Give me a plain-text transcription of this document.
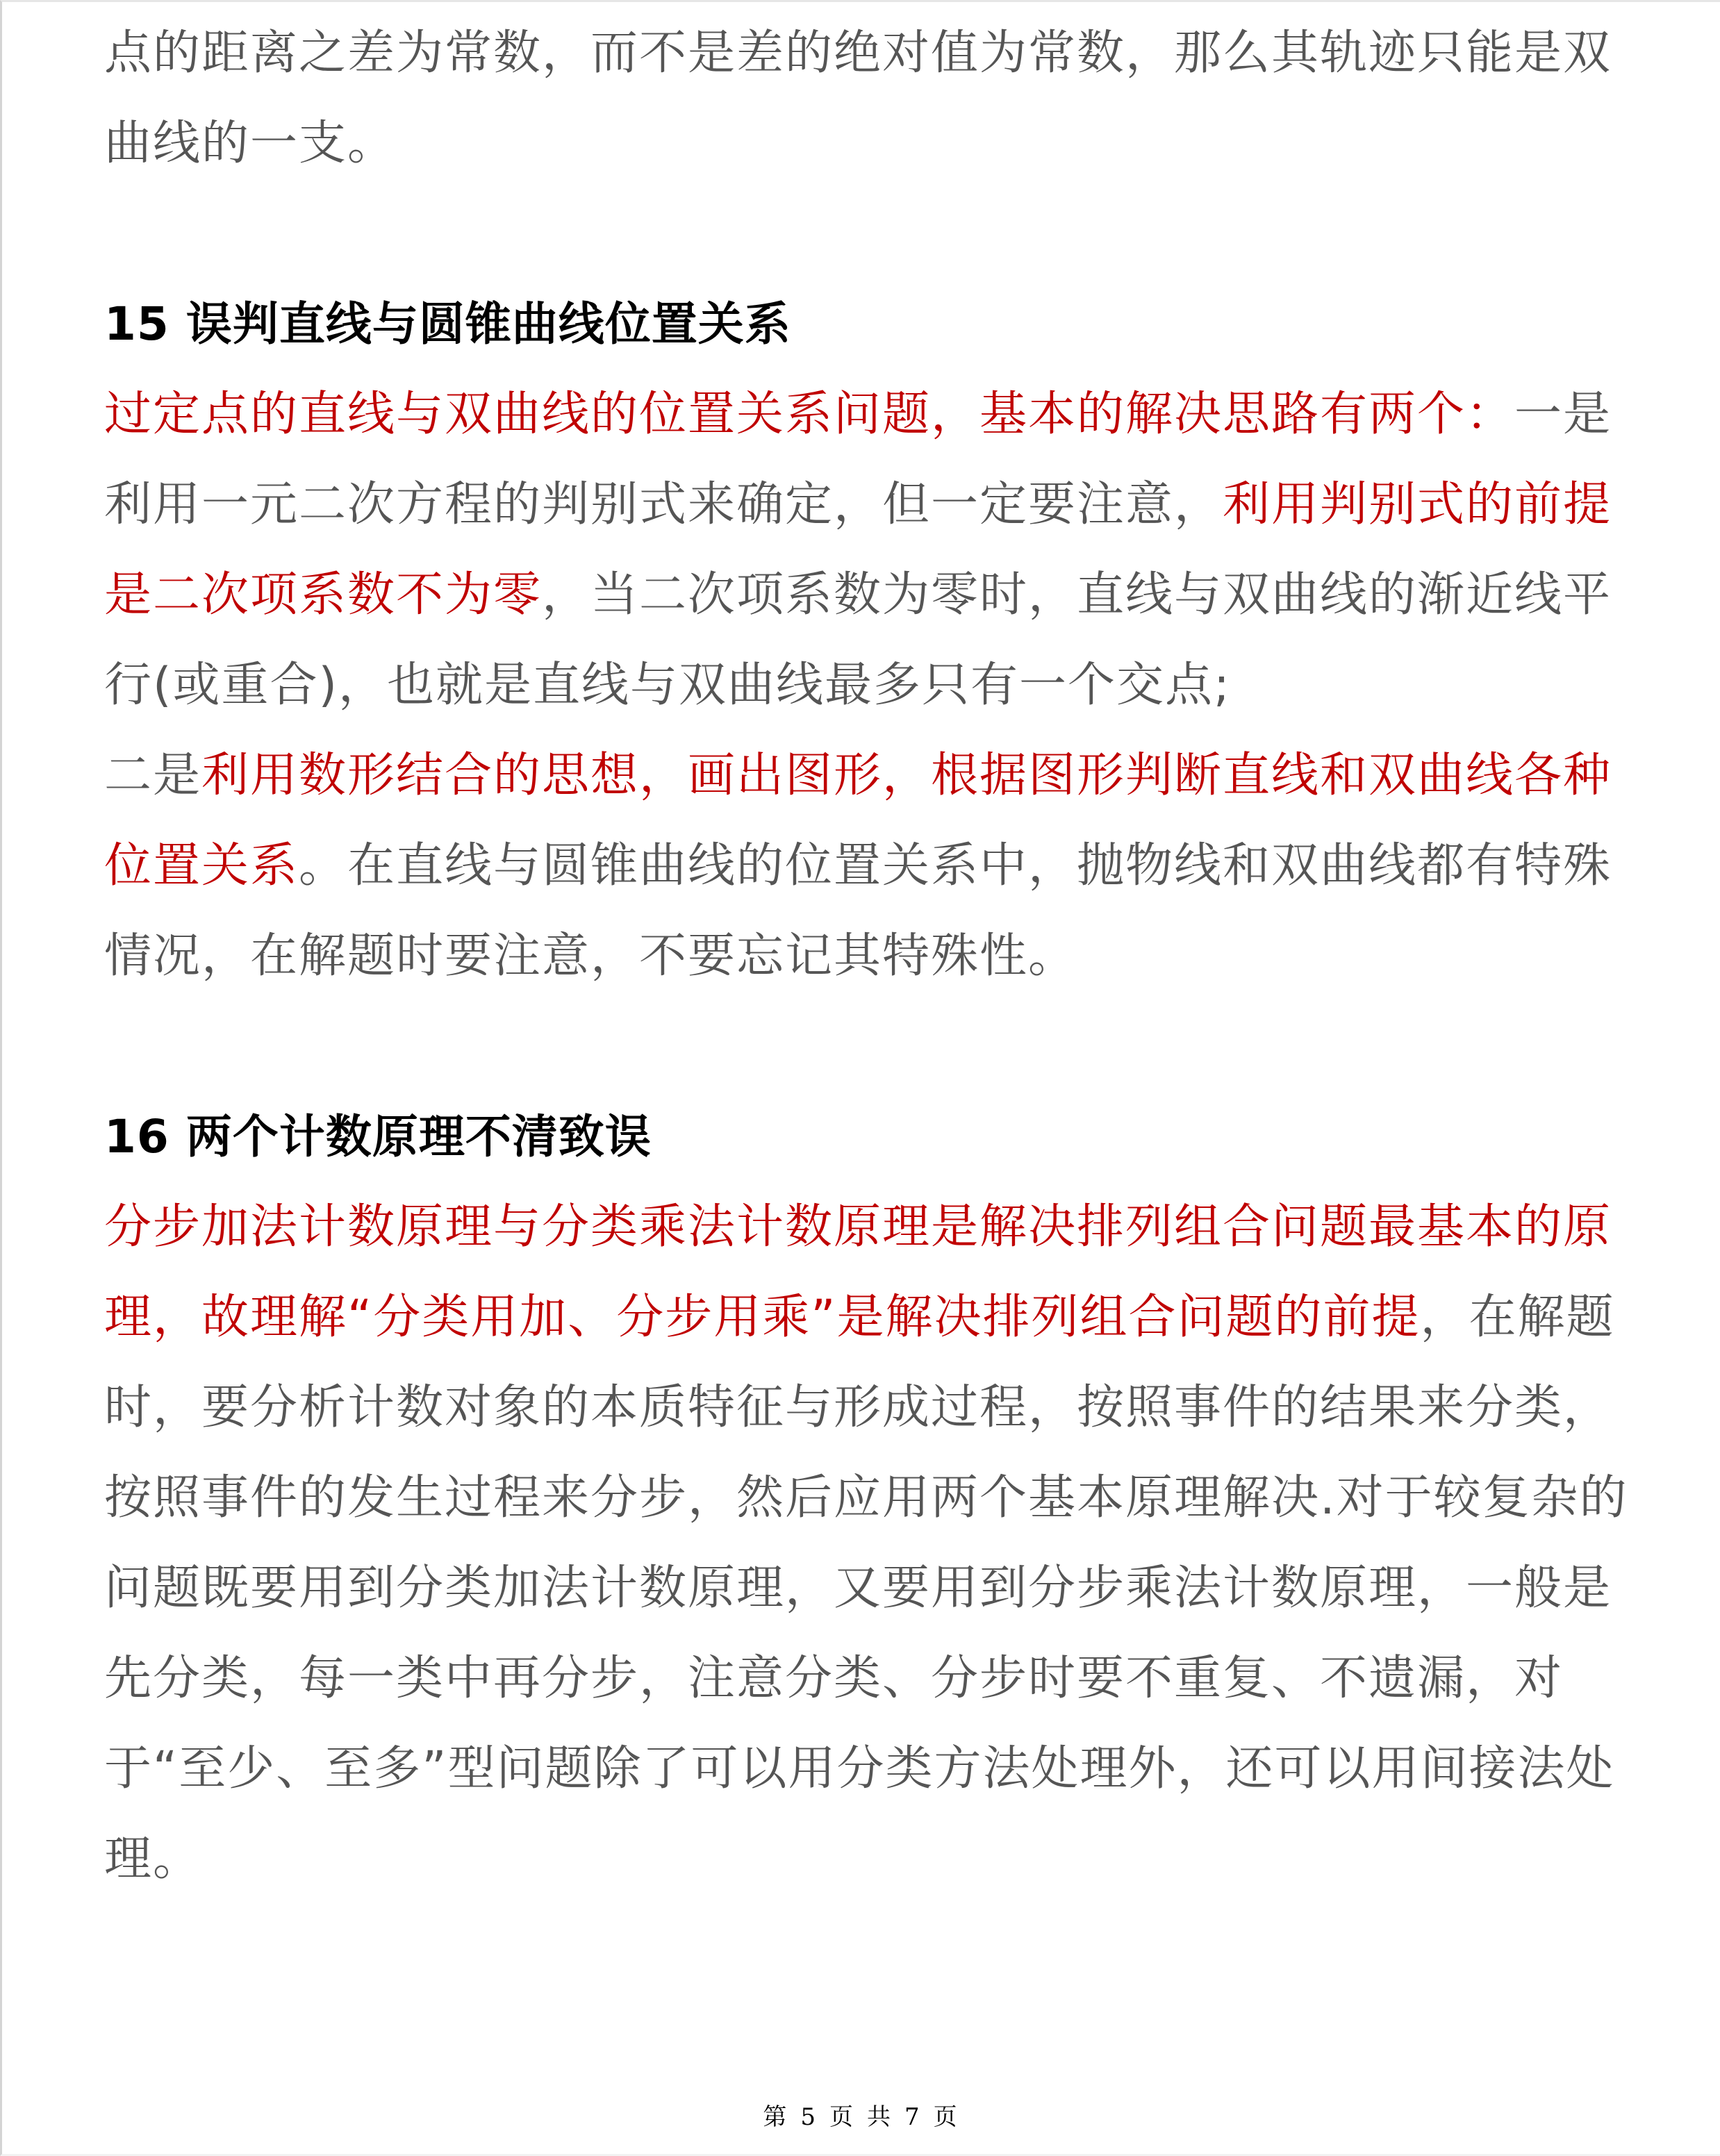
点的距离之差为常数，而不是差的绝对值为常数，那么其轨迹只能是双曲线的一支。

15 误判直线与圆锥曲线位置关系

过定点的直线与双曲线的位置关系问题，基本的解决思路有两个：一是利用一元二次方程的判别式来确定，但一定要注意，利用判别式的前提是二次项系数不为零，当二次项系数为零时，直线与双曲线的渐近线平行(或重合)，也就是直线与双曲线最多只有一个交点;

二是利用数形结合的思想，画出图形，根据图形判断直线和双曲线各种位置关系。在直线与圆锥曲线的位置关系中，抛物线和双曲线都有特殊情况，在解题时要注意，不要忘记其特殊性。

16 两个计数原理不清致误

分步加法计数原理与分类乘法计数原理是解决排列组合问题最基本的原理，故理解“分类用加、分步用乘”是解决排列组合问题的前提，在解题时，要分析计数对象的本质特征与形成过程，按照事件的结果来分类，按照事件的发生过程来分步，然后应用两个基本原理解决.对于较复杂的问题既要用到分类加法计数原理，又要用到分步乘法计数原理，一般是先分类，每一类中再分步，注意分类、分步时要不重复、不遗漏，对于“至少、至多”型问题除了可以用分类方法处理外，还可以用间接法处理。

第 5 页 共 7 页
